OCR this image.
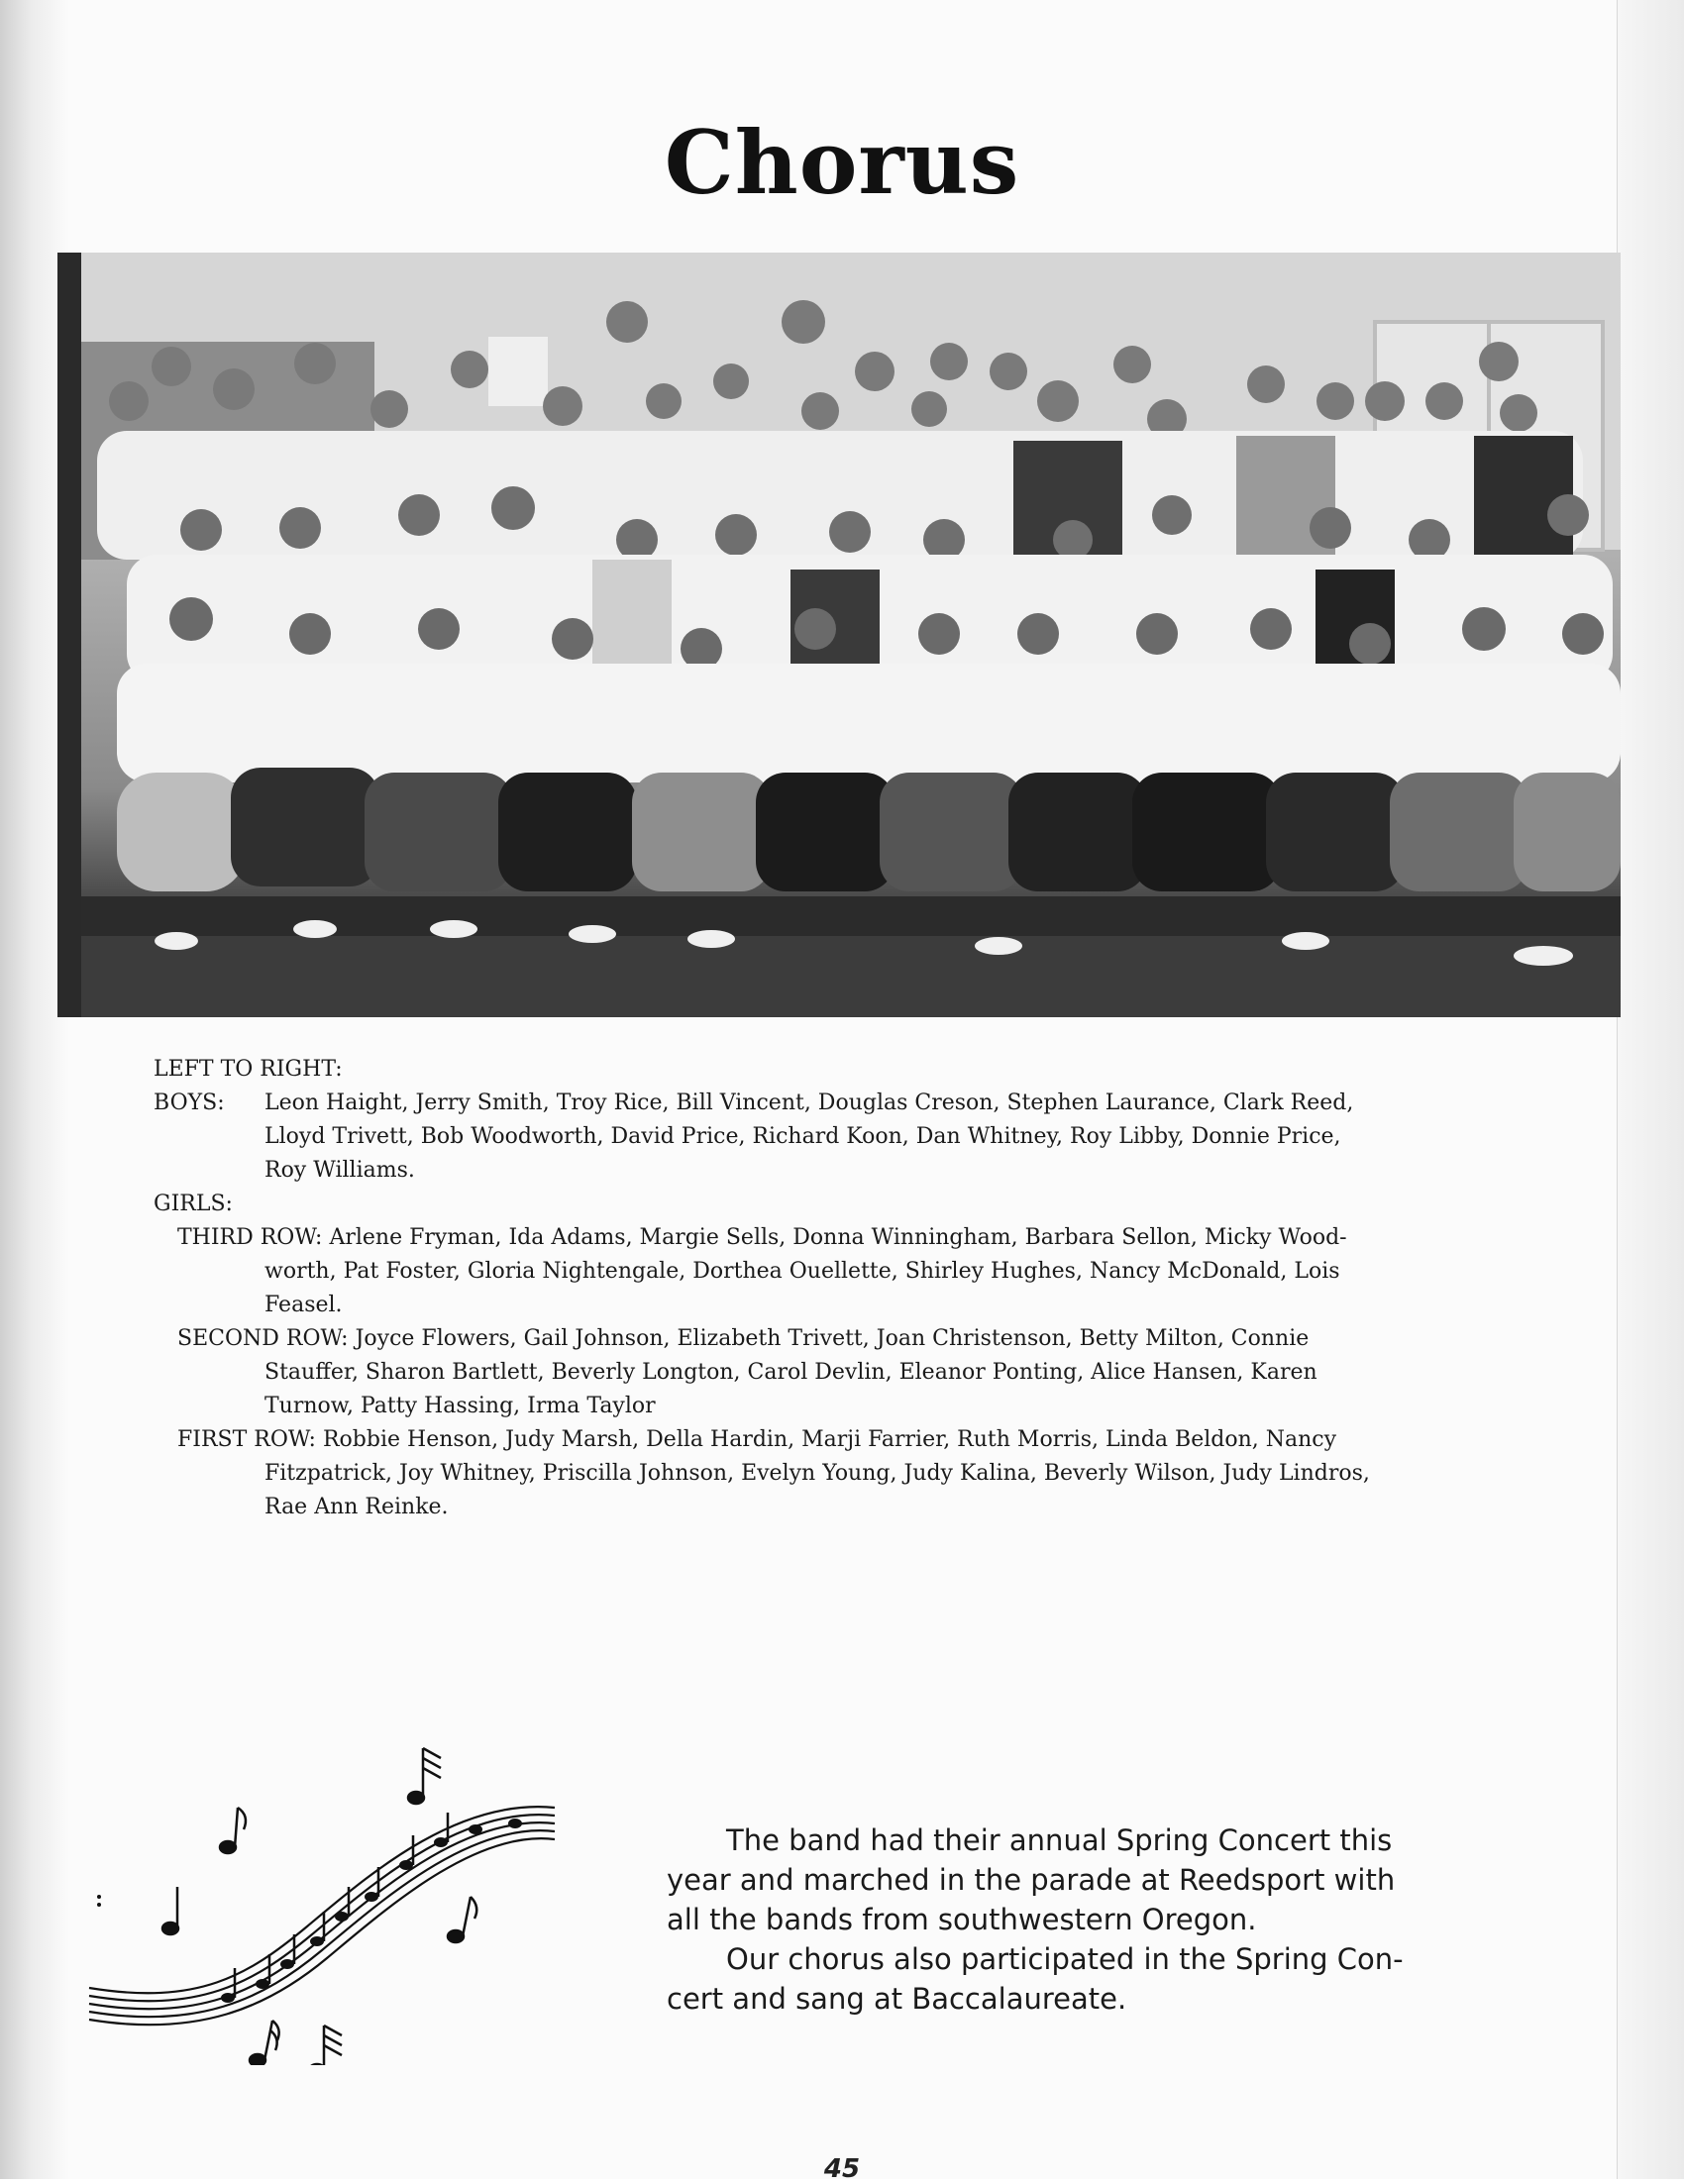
Chorus
LEFT TO RIGHT:
BOYS:	Leon Haight, Jerry Smith, Troy Rice, Bill Vincent, Douglas Creson, Stephen Laurance, Clark Reed,
Lloyd Trivett, Bob Woodworth, David Price, Richard Koon, Dan Whitney, Roy Libby, Donnie Price,
Roy Williams.
GIRLS:
THIRD ROW: Arlene Fryman, Ida Adams, Margie Sells, Donna Winningham, Barbara Sellon, Micky Wood-
worth, Pat Foster, Gloria Nightengale, Dorthea Ouellette, Shirley Hughes, Nancy McDonald, Lois
Feasel.
SECOND ROW: Joyce Flowers, Gail Johnson, Elizabeth Trivett, Joan Christenson, Betty Milton, Connie
Stauffer, Sharon Bartlett, Beverly Longton, Carol Devlin, Eleanor Ponting, Alice Hansen, Karen
Turnow, Patty Hassing, Irma Taylor
FIRST ROW: Robbie Henson, Judy Marsh, Della Hardin, Marji Farrier, Ruth Morris, Linda Beldon, Nancy
Fitzpatrick, Joy Whitney, Priscilla Johnson, Evelyn Young, Judy Kalina, Beverly Wilson, Judy Lindros,
Rae Ann Reinke.

The band had their annual Spring Concert this

year and marched in the parade at Reedsport with

all the bands from southwestern Oregon.

Our chorus also participated in the Spring Con-

cert and sang at Baccalaureate.

45
